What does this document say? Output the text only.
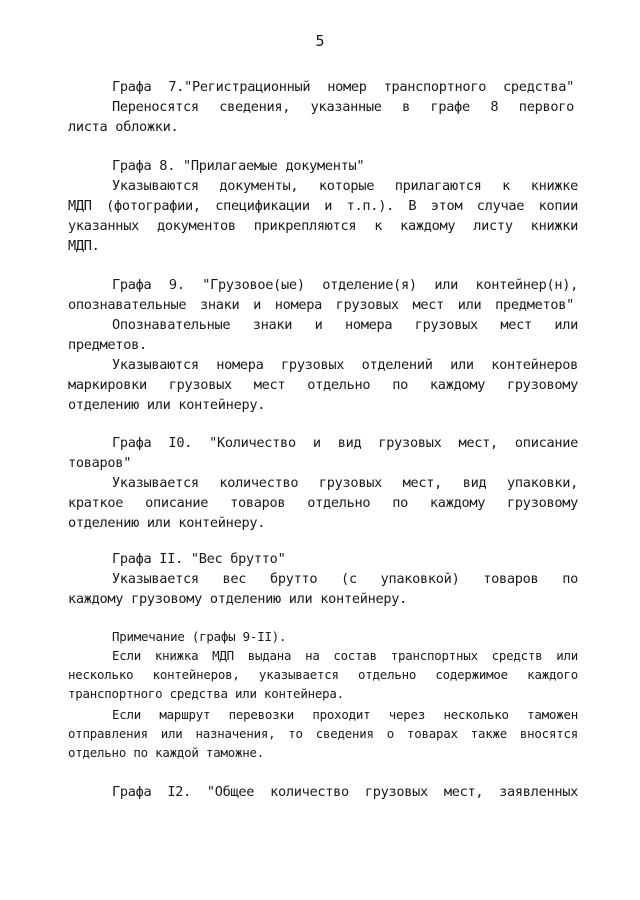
5
Графа 7."Регистрационный номер транспортного средства"
Переносятся сведения, указанные в графе 8 первого
листа обложки.
Графа 8. "Прилагаемые документы"
Указываются документы, которые прилагаются к книжке
МДП (фотографии, спецификации и т.п.). В этом случае копии
указанных документов прикрепляются к каждому листу книжки
МДП.
Графа 9. "Грузовое(ые) отделение(я) или контейнер(н),
опознавательные знаки и номера грузовых мест или предметов"
Опознавательные знаки и номера грузовых мест или
предметов.
Указываются номера грузовых отделений или контейнеров
маркировки грузовых мест отдельно по каждому грузовому
отделению или контейнеру.
Графа I0. "Количество и вид грузовых мест, описание
товаров"
Указывается количество грузовых мест, вид упаковки,
краткое описание товаров отдельно по каждому грузовому
отделению или контейнеру.
Графа II. "Вес брутто"
Указывается вес брутто (с упаковкой) товаров по
каждому грузовому отделению или контейнеру.
Примечание (графы 9-II).
Если книжка МДП выдана на состав транспортных средств или
несколько контейнеров, указывается отдельно содержимое каждого
транспортного средства или контейнера.
Если маршрут перевозки проходит через несколько таможен
отправления или назначения, то сведения о товарах также вносятся
отдельно по каждой таможне.
Графа I2. "Общее количество грузовых мест, заявленных
